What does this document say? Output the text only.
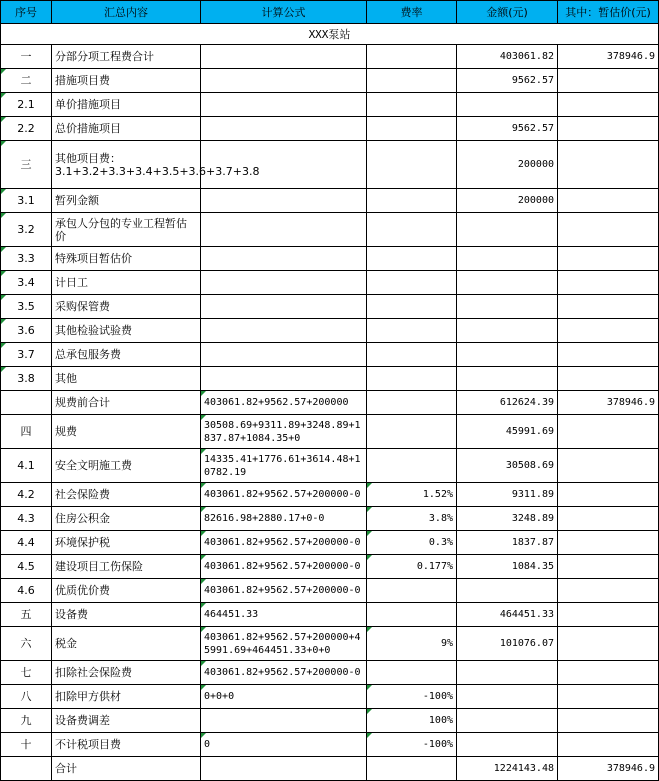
序号	汇总内容	计算公式	费率	金额(元)	其中：暂估价(元)
XXX泵站					
一	分部分项工程费合计			403061.82	378946.9
二	措施项目费			9562.57	
2.1	单价措施项目				
2.2	总价措施项目			9562.57	
三	其他项目费：3.1+3.2+3.3+3.4+3.5+3.6+3.7+3.8			200000	
3.1	暂列金额			200000	
3.2	承包人分包的专业工程暂估价				
3.3	特殊项目暂估价				
3.4	计日工				
3.5	采购保管费				
3.6	其他检验试验费				
3.7	总承包服务费				
3.8	其他				
	规费前合计	403061.82+9562.57+200000		612624.39	378946.9
四	规费	30508.69+9311.89+3248.89+1837.87+1084.35+0		45991.69	
4.1	安全文明施工费	14335.41+1776.61+3614.48+10782.19		30508.69	
4.2	社会保险费	403061.82+9562.57+200000-0	1.52%	9311.89	
4.3	住房公积金	82616.98+2880.17+0-0	3.8%	3248.89	
4.4	环境保护税	403061.82+9562.57+200000-0	0.3%	1837.87	
4.5	建设项目工伤保险	403061.82+9562.57+200000-0	0.177%	1084.35	
4.6	优质优价费	403061.82+9562.57+200000-0			
五	设备费	464451.33		464451.33	
六	税金	403061.82+9562.57+200000+45991.69+464451.33+0+0	9%	101076.07	
七	扣除社会保险费	403061.82+9562.57+200000-0			
八	扣除甲方供材	0+0+0	-100%		
九	设备费调差		100%		
十	不计税项目费	0	-100%		
	合计			1224143.48	378946.9
